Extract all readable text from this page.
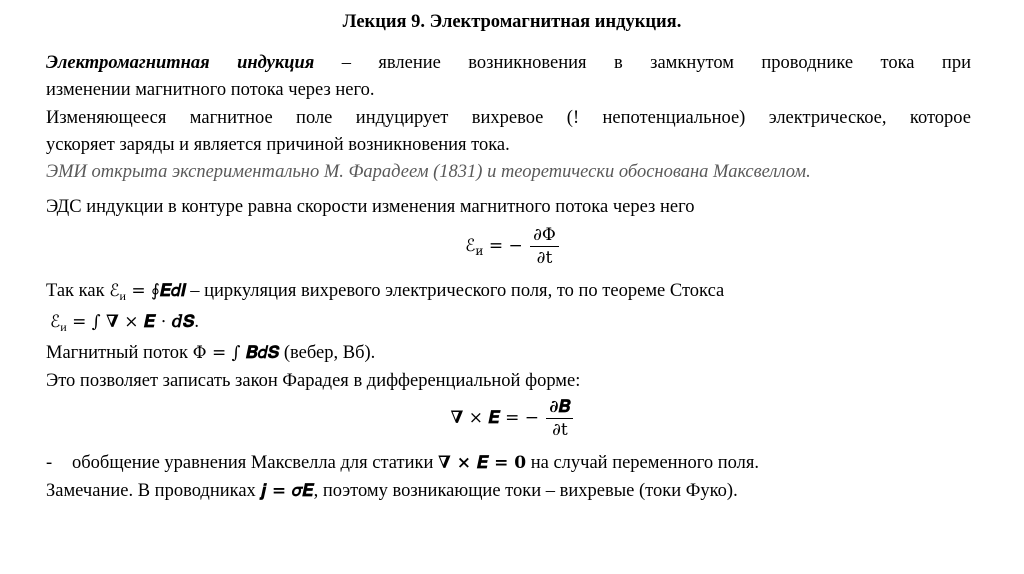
Лекция 9. Электромагнитная индукция.
Электромагнитная индукция – явление возникновения в замкнутом проводнике тока при
изменении магнитного потока через него.
Изменяющееся магнитное поле индуцирует вихревое (! непотенциальное) электрическое, которое
ускоряет заряды и является причиной возникновения тока.
ЭМИ открыта экспериментально М. Фарадеем (1831) и теоретически обоснована Максвеллом.
ЭДС индукции в контуре равна скорости изменения магнитного потока через него
ℰ$_и$ = − $\frac{\partial\Phi}{\partial t}$
Так как ℰ$_и$ = ∮𝑬𝑑𝒍 – циркуляция вихревого электрического поля, то по теореме Стокса
ℰ$_и$ = ∫ ∇ × 𝑬 ⋅ 𝑑𝑺.
Магнитный поток Φ = ∫ 𝑩𝑑𝑺 (вебер, Вб).
Это позволяет записать закон Фарадея в дифференциальной форме:
∇ × 𝑬 = − $\frac{\text{∂𝑩}}{\partial t}$
- обобщение уравнения Максвелла для статики ∇ × 𝑬 = 𝟎 на случай переменного поля.
Замечание. В проводниках 𝒋 = 𝜎𝑬, поэтому возникающие токи – вихревые (токи Фуко).
